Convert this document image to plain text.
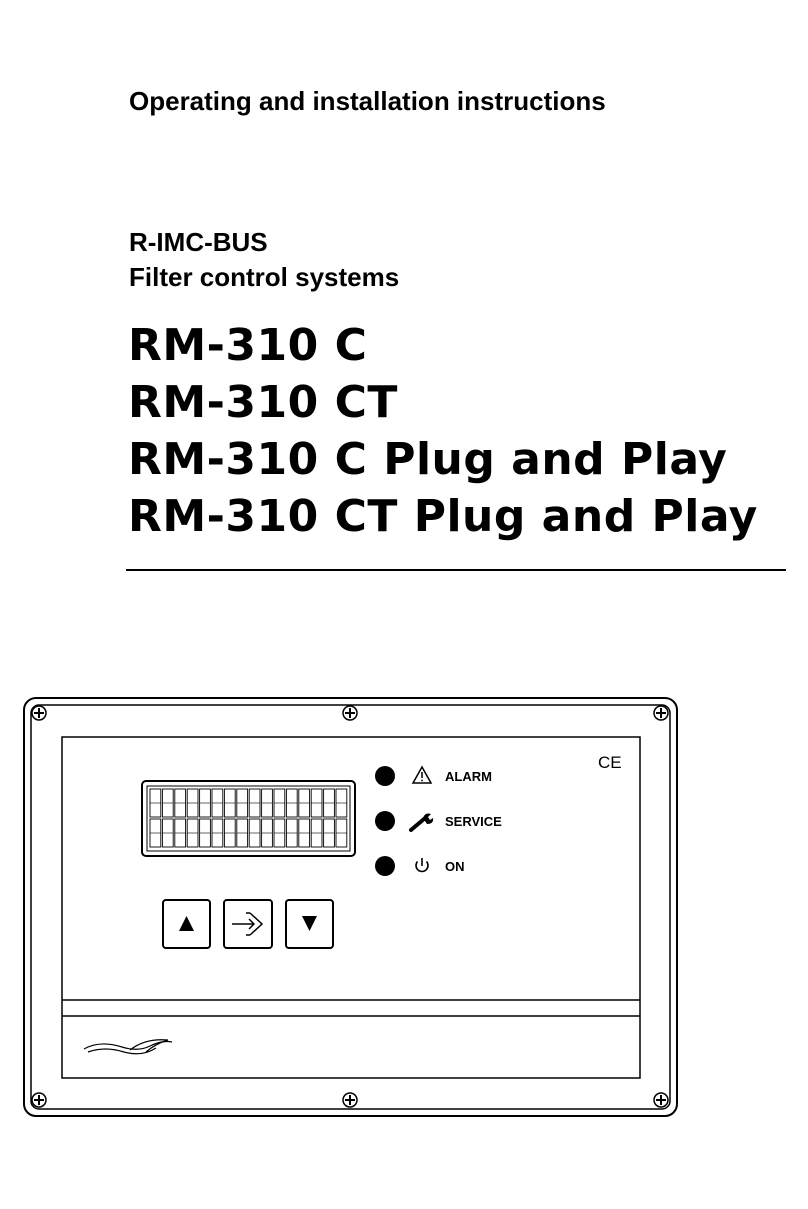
Operating and installation instructions
R-IMC-BUS
Filter control systems
RM-310 C
RM-310 CT
RM-310 C Plug and Play
RM-310 CT Plug and Play
CE
ALARM
SERVICE
ON
